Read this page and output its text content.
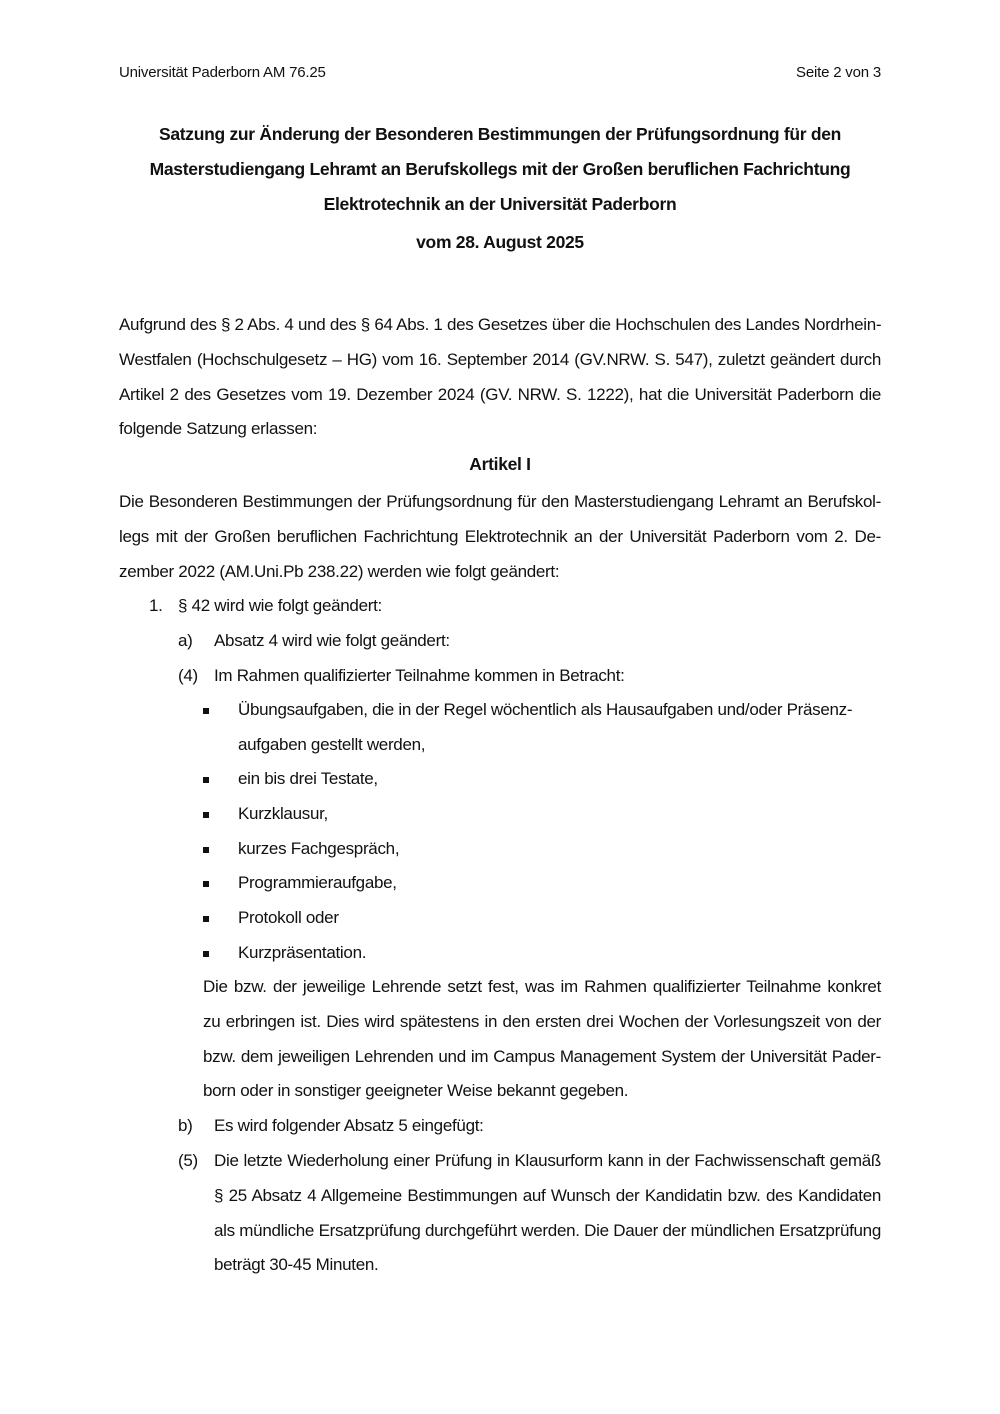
Universität Paderborn AM 76.25	Seite 2 von 3
Satzung zur Änderung der Besonderen Bestimmungen der Prüfungsordnung für den
Masterstudiengang Lehramt an Berufskollegs mit der Großen beruflichen Fachrichtung
Elektrotechnik an der Universität Paderborn
vom 28. August 2025
Aufgrund des § 2 Abs. 4 und des § 64 Abs. 1 des Gesetzes über die Hochschulen des Landes Nordrhein-
Westfalen (Hochschulgesetz – HG) vom 16. September 2014 (GV.NRW. S. 547), zuletzt geändert durch
Artikel 2 des Gesetzes vom 19. Dezember 2024 (GV. NRW. S. 1222), hat die Universität Paderborn die
folgende Satzung erlassen:
Artikel I
Die Besonderen Bestimmungen der Prüfungsordnung für den Masterstudiengang Lehramt an Berufskol-
legs mit der Großen beruflichen Fachrichtung Elektrotechnik an der Universität Paderborn vom 2. De-
zember 2022 (AM.Uni.Pb 238.22) werden wie folgt geändert:
1. § 42 wird wie folgt geändert:
a) Absatz 4 wird wie folgt geändert:
(4) Im Rahmen qualifizierter Teilnahme kommen in Betracht:
Übungsaufgaben, die in der Regel wöchentlich als Hausaufgaben und/oder Präsenz-
aufgaben gestellt werden,
ein bis drei Testate,
Kurzklausur,
kurzes Fachgespräch,
Programmieraufgabe,
Protokoll oder
Kurzpräsentation.
Die bzw. der jeweilige Lehrende setzt fest, was im Rahmen qualifizierter Teilnahme konkret
zu erbringen ist. Dies wird spätestens in den ersten drei Wochen der Vorlesungszeit von der
bzw. dem jeweiligen Lehrenden und im Campus Management System der Universität Pader-
born oder in sonstiger geeigneter Weise bekannt gegeben.
b) Es wird folgender Absatz 5 eingefügt:
(5) Die letzte Wiederholung einer Prüfung in Klausurform kann in der Fachwissenschaft gemäß
§ 25 Absatz 4 Allgemeine Bestimmungen auf Wunsch der Kandidatin bzw. des Kandidaten
als mündliche Ersatzprüfung durchgeführt werden. Die Dauer der mündlichen Ersatzprüfung
beträgt 30-45 Minuten.
